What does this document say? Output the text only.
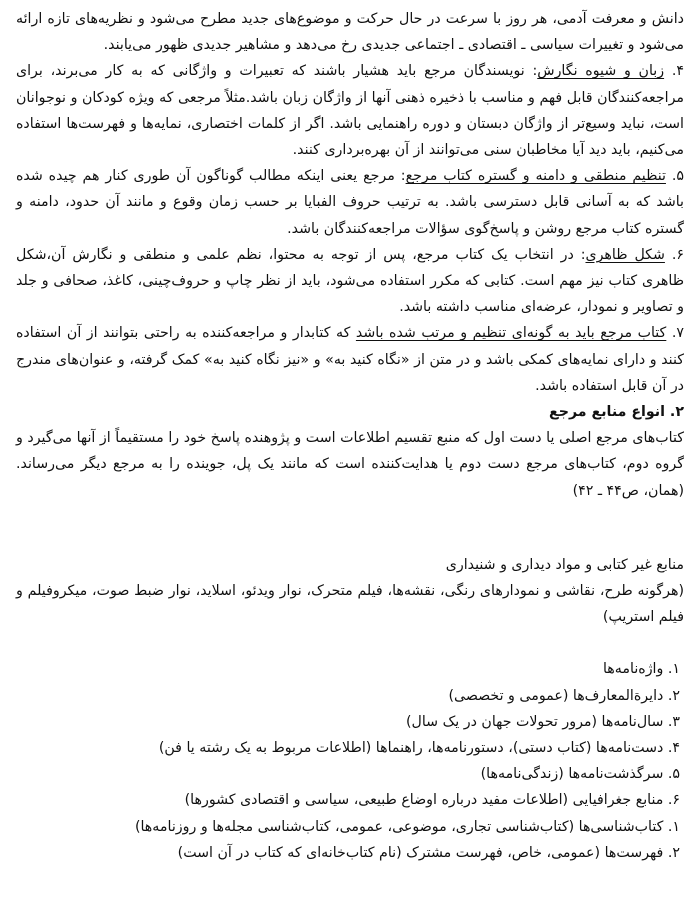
دانش و معرفت آدمی، هر روز با سرعت در حال حرکت و موضوع‌های جدید مطرح می‌شود و نظریه‌های تازه ارائه می‌شود و تغییرات سیاسی ـ اقتصادی ـ اجتماعی جدیدی رخ می‌دهد و مشاهیر جدیدی ظهور می‌یابند.

۴. زبان و شیوه نگارش: نویسندگان مرجع باید هشیار باشند که تعبیرات و واژگانی که به کار می‌برند، برای مراجعه‌کنندگان قابل فهم و مناسب با ذخیره ذهنی آنها از واژگان زبان باشد.مثلاً مرجعی که ویژه کودکان و نوجوانان است، نباید وسیع‌تر از واژگان دبستان و دوره راهنمایی باشد. اگر از کلمات اختصاری، نمایه‌ها و فهرست‌ها استفاده می‌کنیم، باید دید آیا مخاطبان سنی می‌توانند از آن بهره‌برداری کنند.

۵. تنظیم منطقی و دامنه و گستره کتاب مرجع: مرجع یعنی اینکه مطالب گوناگون آن طوری کنار هم چیده شده باشد که به آسانی قابل دسترسی باشد. به ترتیب حروف الفبایا بر حسب زمان وقوع و مانند آن حدود، دامنه و گستره کتاب مرجع روشن و پاسخ‌گوی سؤالات مراجعه‌کنندگان باشد.

۶. شکل ظاهری: در انتخاب یک کتاب مرجع، پس از توجه به محتوا، نظم علمی و منطقی و نگارش آن،شکل ظاهری کتاب نیز مهم است. کتابی که مکرر استفاده می‌شود، باید از نظر چاپ و حروف‌چینی، کاغذ، صحافی و جلد و تصاویر و نمودار، عرضه‌ای مناسب داشته باشد.

۷. کتاب مرجع باید به گونه‌ای تنظیم و مرتب شده باشد که کتابدار و مراجعه‌کننده به راحتی بتوانند از آن استفاده کنند و دارای نمایه‌های کمکی باشد و در متن از «نگاه کنید به» و «نیز نگاه کنید به» کمک گرفته، و عنوان‌های مندرج در آن قابل استفاده باشد.

۲. انواع منابع مرجع

کتاب‌های مرجع اصلی یا دست اول که منبع تقسیم اطلاعات است و پژوهنده پاسخ خود را مستقیماً از آنها می‌گیرد و گروه دوم، کتاب‌های مرجع دست دوم یا هدایت‌کننده است که مانند یک پل، جوینده را به مرجع دیگر می‌رساند. (همان، ص۴۴ ـ ۴۲)

منابع غیر کتابی و مواد دیداری و شنیداری

(هرگونه طرح، نقاشی و نمودارهای رنگی، نقشه‌ها، فیلم متحرک، نوار ویدئو، اسلاید، نوار ضبط صوت، میکروفیلم و فیلم استریپ)

۱. واژه‌نامه‌ها
۲. دایرةالمعارف‌ها (عمومی و تخصصی)
۳. سال‌نامه‌ها (مرور تحولات جهان در یک سال)
۴. دست‌نامه‌ها (کتاب دستی)، دستورنامه‌ها، راهنماها (اطلاعات مربوط به یک رشته یا فن)
۵. سرگذشت‌نامه‌ها (زندگی‌نامه‌ها)
۶. منابع جغرافیایی (اطلاعات مفید درباره اوضاع طبیعی، سیاسی و اقتصادی کشورها)
۱. کتاب‌شناسی‌ها (کتاب‌شناسی تجاری، موضوعی، عمومی، کتاب‌شناسی مجله‌ها و روزنامه‌ها)
۲. فهرست‌ها (عمومی، خاص، فهرست مشترک (نام کتاب‌خانه‌ای که کتاب در آن است)
